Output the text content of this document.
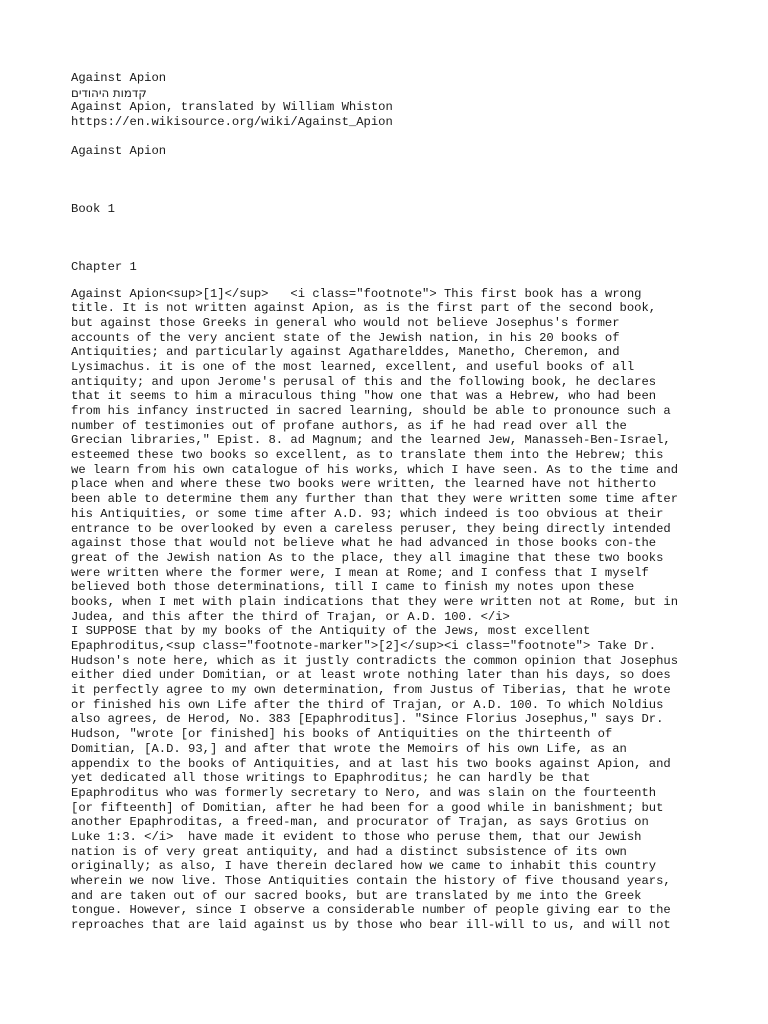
Against Apion
קדמות היהודים
Against Apion, translated by William Whiston
https://en.wikisource.org/wiki/Against_Apion
Against Apion
Book 1
Chapter 1
Against Apion<sup>[1]</sup>   <i class="footnote"> This first book has a wrong
title. It is not written against Apion, as is the first part of the second book,
but against those Greeks in general who would not believe Josephus's former
accounts of the very ancient state of the Jewish nation, in his 20 books of
Antiquities; and particularly against Agatharelddes, Manetho, Cheremon, and
Lysimachus. it is one of the most learned, excellent, and useful books of all
antiquity; and upon Jerome's perusal of this and the following book, he declares
that it seems to him a miraculous thing "how one that was a Hebrew, who had been
from his infancy instructed in sacred learning, should be able to pronounce such a
number of testimonies out of profane authors, as if he had read over all the
Grecian libraries," Epist. 8. ad Magnum; and the learned Jew, Manasseh-Ben-Israel,
esteemed these two books so excellent, as to translate them into the Hebrew; this
we learn from his own catalogue of his works, which I have seen. As to the time and
place when and where these two books were written, the learned have not hitherto
been able to determine them any further than that they were written some time after
his Antiquities, or some time after A.D. 93; which indeed is too obvious at their
entrance to be overlooked by even a careless peruser, they being directly intended
against those that would not believe what he had advanced in those books con-the
great of the Jewish nation As to the place, they all imagine that these two books
were written where the former were, I mean at Rome; and I confess that I myself
believed both those determinations, till I came to finish my notes upon these
books, when I met with plain indications that they were written not at Rome, but in
Judea, and this after the third of Trajan, or A.D. 100. </i>
I SUPPOSE that by my books of the Antiquity of the Jews, most excellent
Epaphroditus,<sup class="footnote-marker">[2]</sup><i class="footnote"> Take Dr.
Hudson's note here, which as it justly contradicts the common opinion that Josephus
either died under Domitian, or at least wrote nothing later than his days, so does
it perfectly agree to my own determination, from Justus of Tiberias, that he wrote
or finished his own Life after the third of Trajan, or A.D. 100. To which Noldius
also agrees, de Herod, No. 383 [Epaphroditus]. "Since Florius Josephus," says Dr.
Hudson, "wrote [or finished] his books of Antiquities on the thirteenth of
Domitian, [A.D. 93,] and after that wrote the Memoirs of his own Life, as an
appendix to the books of Antiquities, and at last his two books against Apion, and
yet dedicated all those writings to Epaphroditus; he can hardly be that
Epaphroditus who was formerly secretary to Nero, and was slain on the fourteenth
[or fifteenth] of Domitian, after he had been for a good while in banishment; but
another Epaphroditas, a freed-man, and procurator of Trajan, as says Grotius on
Luke 1:3. </i>  have made it evident to those who peruse them, that our Jewish
nation is of very great antiquity, and had a distinct subsistence of its own
originally; as also, I have therein declared how we came to inhabit this country
wherein we now live. Those Antiquities contain the history of five thousand years,
and are taken out of our sacred books, but are translated by me into the Greek
tongue. However, since I observe a considerable number of people giving ear to the
reproaches that are laid against us by those who bear ill-will to us, and will not
